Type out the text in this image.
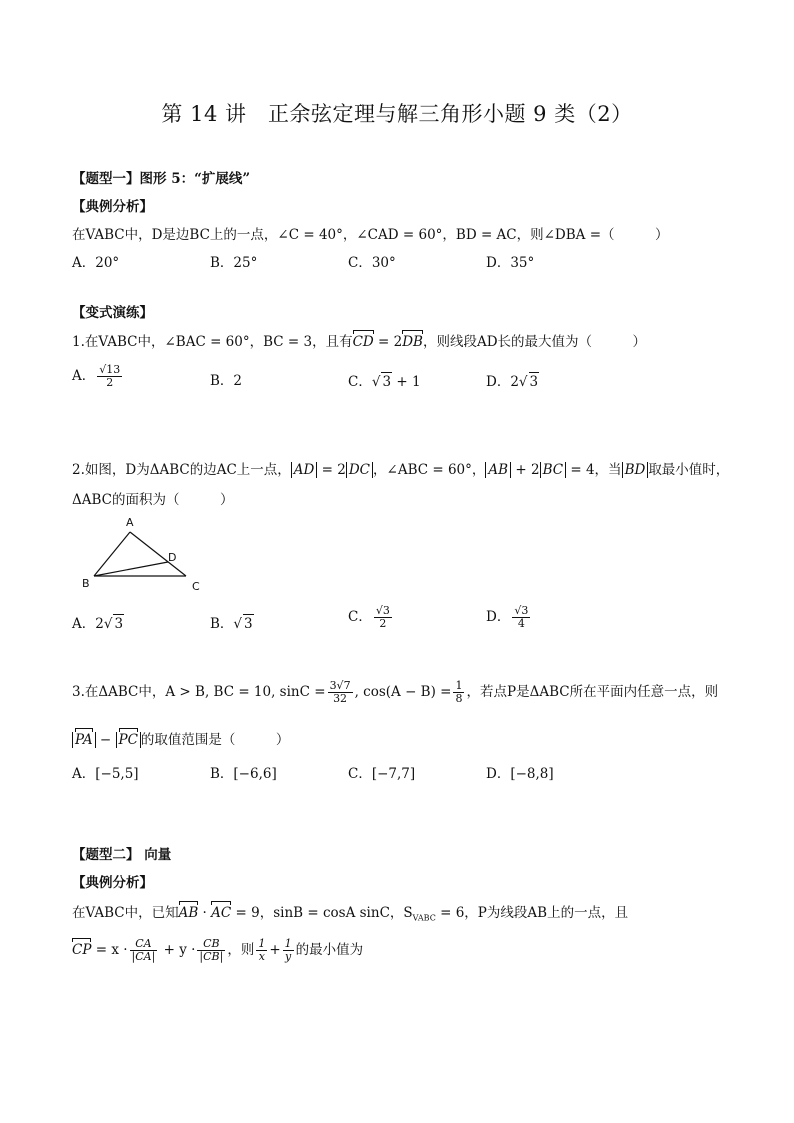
第 14 讲　正余弦定理与解三角形小题 9 类（2）
【题型一】图形 5：“扩展线”
【典例分析】
在VABC中，D是边BC上的一点，∠C = 40°，∠CAD = 60°，BD = AC，则∠DBA =（　　　）
A．20°	B．25°	C．30°	D．35°
【变式演练】
1.在VABC中，∠BAC = 60°，BC = 3，且有CD = 2DB，则线段AD长的最大值为（　　　）
A． $\frac{√13}{2}$	B．2	C．√ 3 + 1	D．2√ 3
2.如图，D为ΔABC的边AC上一点， AD = 2 DC ，∠ABC = 60°， AB + 2 BC = 4，当 BD 取最小值时，
ΔABC的面积为（　　　）
A
B	C
D
A．2√ 3	B．√ 3	C． $\frac{√3}{2}$	D． $\frac{√3}{4}$
3.在ΔABC中，A > B, BC = 10, $\sin C = \frac{3√7}{32}$ , $\cos(A - B) = \frac{1}{8}$ ，若点P是ΔABC所在平面内任意一点，则
PA − PC 的取值范围是（　　　）
A．[−5,5]	B．[−6,6]	C．[−7,7]	D．[−8,8]
【题型二】 向量
【典例分析】
在VABC中，已知AB · AC = 9，sinB = cosA sinC，$S_{VABC} = 6$，P为线段AB上的一点，且
CP = $x \cdot \frac{CA}{|CA|} + y \cdot \frac{CB}{|CB|}$ ，则 $\frac{1}{x} + \frac{1}{y}$ 的最小值为
